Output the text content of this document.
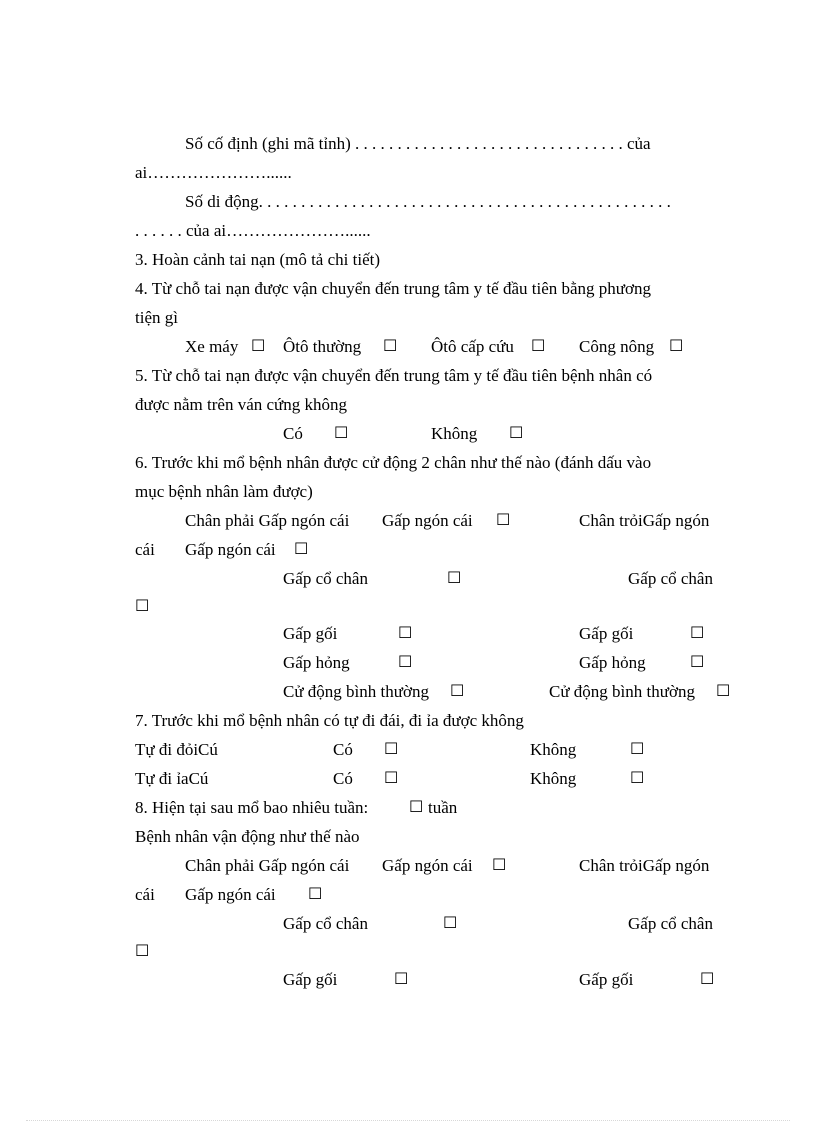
Số cố định (ghi mã tỉnh) . . . . . . . . . . . . . . . . . . . . . . . . . . . . . . . . của
ai…………………......
Số di động. . . . . . . . . . . . . . . . . . . . . . . . . . . . . . . . . . . . . . . . . . . . . . . . .
. . . . . . của ai…………………......
3. Hoàn cảnh tai nạn (mô tả chi tiết)
4. Từ chỗ tai nạn được vận chuyển đến trung tâm y tế đầu tiên bằng phương
tiện gì
Xe máy ☐ Ôtô thường ☐ Ôtô cấp cứu ☐ Công nông ☐
5. Từ chỗ tai nạn được vận chuyển đến trung tâm y tế đầu tiên bệnh nhân có
được nằm trên ván cứng không
Có ☐	Không ☐
6. Trước khi mổ bệnh nhân được cử động 2 chân như thế nào (đánh dấu vào
mục bệnh nhân làm được)
Chân phải Gấp ngón cái Gấp ngón cái ☐	Chân trỏiGấp ngón
cái Gấp ngón cái ☐
Gấp cổ chân	☐	Gấp cổ chân
☐
Gấp gối	☐	Gấp gối	☐
Gấp hỏng	☐	Gấp hỏng	☐
Cử động bình thường ☐	Cử động bình thường ☐
7. Trước khi mổ bệnh nhân có tự đi đái, đi ỉa được không
Tự đi đỏiCú	Có ☐	Không	☐
Tự đi ỉaCú	Có ☐	Không	☐
8. Hiện tại sau mổ bao nhiêu tuần:	☐ tuần
Bệnh nhân vận động như thế nào
Chân phải Gấp ngón cái Gấp ngón cái ☐	Chân trỏiGấp ngón
cái Gấp ngón cái ☐
Gấp cổ chân	☐	Gấp cổ chân
☐
Gấp gối	☐	Gấp gối	☐
